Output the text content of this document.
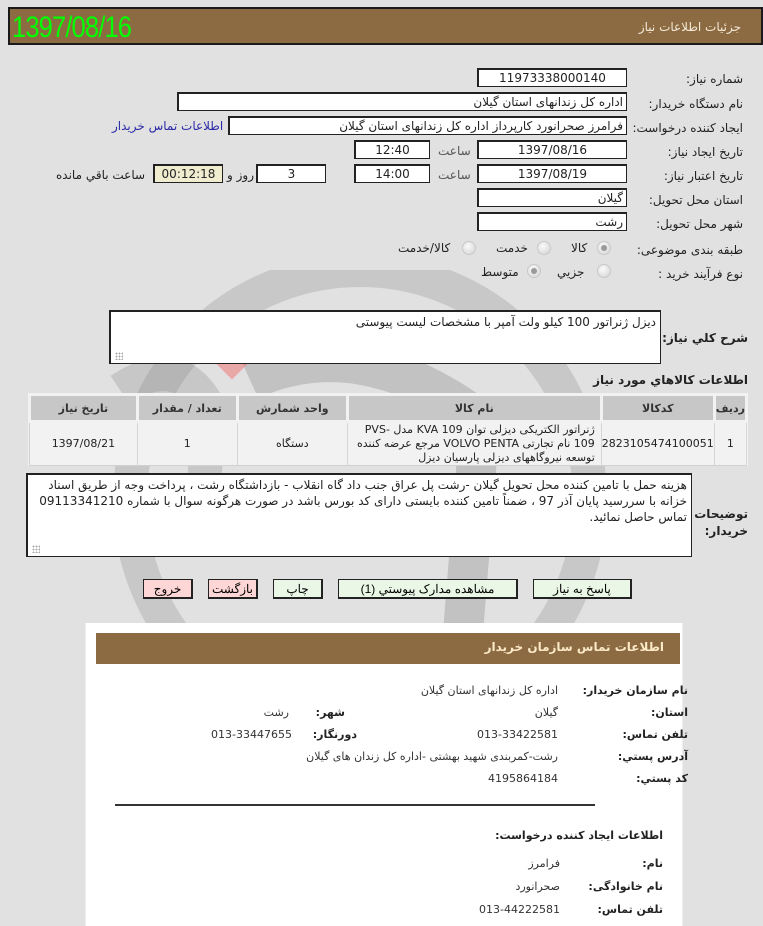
1397/08/16	جزئیات اطلاعات نیاز
شماره نیاز:
11973338000140
نام دستگاه خریدار:
اداره کل زندانهای استان گیلان
ایجاد کننده درخواست:
فرامرز صحرانورد کارپرداز اداره کل زندانهای استان گیلان
اطلاعات تماس خریدار
تاریخ ایجاد نیاز:
1397/08/16
ساعت
12:40
تاریخ اعتبار نیاز:
1397/08/19
ساعت
14:00
3
روز و
00:12:18
ساعت باقي مانده
استان محل تحویل:
گیلان
شهر محل تحویل:
رشت
طبقه بندی موضوعی:
کالا
خدمت
کالا/خدمت
نوع فرآیند خرید :
جزیي
متوسط
شرح کلي نیاز:
دیزل ژنراتور 100 کیلو ولت آمپر با مشخصات لیست پیوستی
اطلاعات کالاهاي مورد نیاز
ردیف	کدکالا	نام کالا	واحد شمارش	تعداد / مقدار	تاریخ نیاز
1	2823105474100051	ژنراتور الکتریکی دیزلی توان 109 KVA مدل PVS-109 نام تجارتی VOLVO PENTA مرجع عرضه کننده توسعه نیروگاههای دیزلی پارسیان دیزل	دستگاه	1	1397/08/21
توضیحات خریدار:
هزینه حمل با تامین کننده محل تحویل گیلان -رشت پل عراق جنب داد گاه انقلاب - بازداشتگاه رشت ، پرداخت وجه از طریق اسناد خزانه با سررسید پایان آذر 97 ، ضمناً تامین کننده بایستی دارای کد بورس باشد در صورت هرگونه سوال با شماره 09113341210 تماس حاصل نمائید.
پاسخ به نیاز
مشاهده مدارک پیوستي (1)
چاپ
بازگشت
خروج
اطلاعات تماس سازمان خریدار
نام سازمان خریدار:
اداره کل زندانهای استان گیلان
استان:
گیلان
شهر:
رشت
تلفن تماس:
013-33422581
دورنگار:
013-33447655
آدرس پستي:
رشت-کمربندی شهید بهشتی -اداره کل زندان های گیلان
کد پستي:
4195864184
اطلاعات ایجاد کننده درخواست:
نام:
فرامرز
نام خانوادگی:
صحرانورد
تلفن تماس:
013-44222581
